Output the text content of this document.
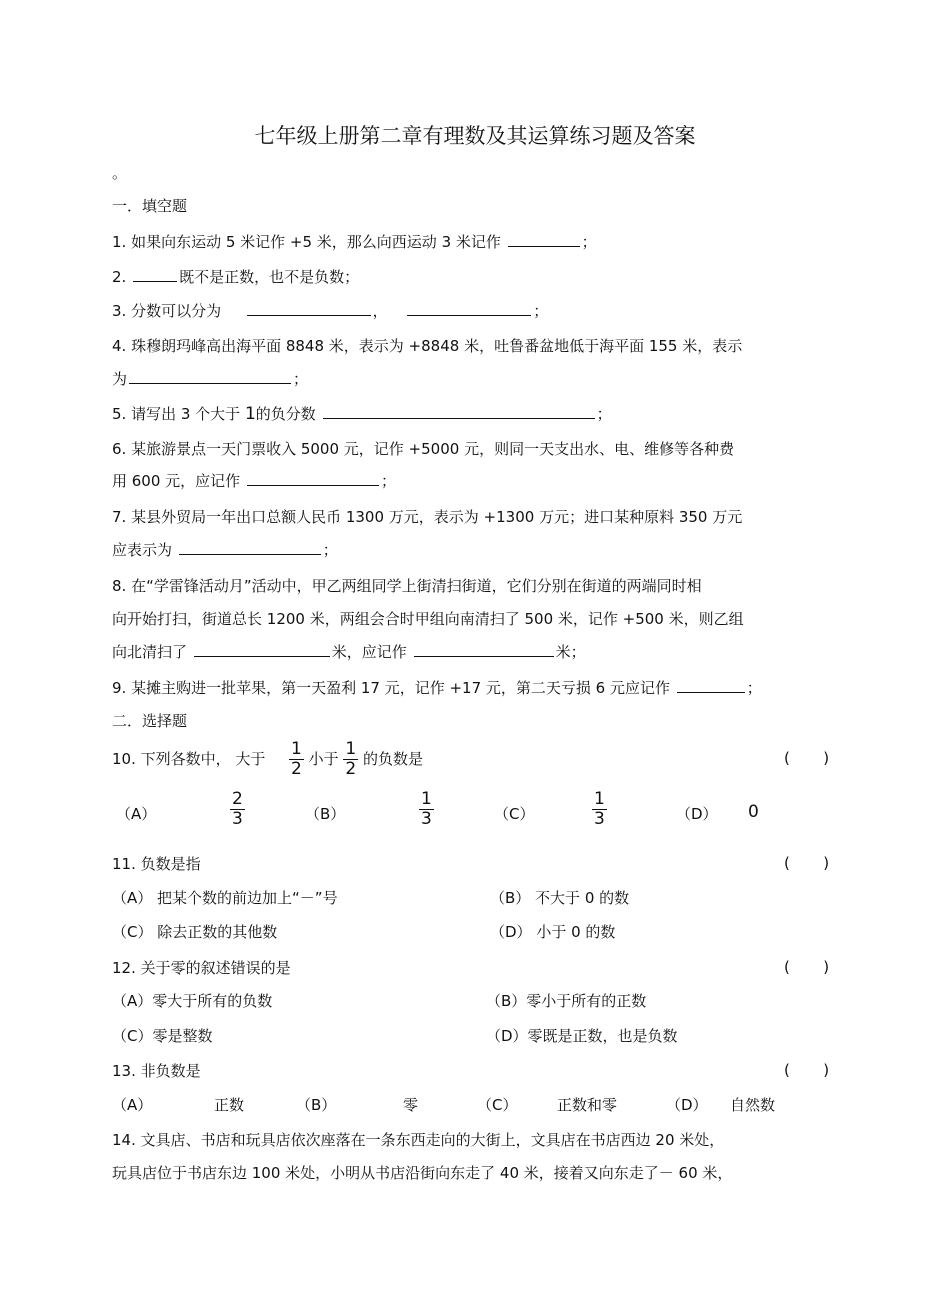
七年级上册第二章有理数及其运算练习题及答案
。
一．填空题
1. 如果向东运动 5 米记作 +5 米，那么向西运动 3 米记作	；
2.	既不是正数，也不是负数；
3. 分数可以分为	，	；
4. 珠穆朗玛峰高出海平面 8848 米，表示为 +8848 米，吐鲁番盆地低于海平面 155 米，表示
为	；
5. 请写出 3 个大于 1的负分数	；
6. 某旅游景点一天门票收入 5000 元，记作 +5000 元，则同一天支出水、电、维修等各种费
用 600 元，应记作	；
7. 某县外贸局一年出口总额人民币 1300 万元，表示为 +1300 万元；进口某种原料 350 万元
应表示为	；
8. 在“学雷锋活动月”活动中，甲乙两组同学上街清扫街道，它们分别在街道的两端同时相
向开始打扫，街道总长 1200 米，两组会合时甲组向南清扫了 500 米，记作 +500 米，则乙组
向北清扫了	米，应记作	米；
9. 某摊主购进一批苹果，第一天盈利 17 元，记作 +17 元，第二天亏损 6 元应记作	；
二．选择题
10. 下列各数中， 大于 $\frac{1}{2}$ 小于 $\frac{1}{2}$ 的负数是	(       )
（A）	$\frac{2}{3}$	（B）	$\frac{1}{3}$	（C）	$\frac{1}{3}$	（D） 0
11. 负数是指	(       )
（A） 把某个数的前边加上“－”号	（B） 不大于 0 的数
（C） 除去正数的其他数	（D） 小于 0 的数
12. 关于零的叙述错误的是	(       )
（A）零大于所有的负数	（B）零小于所有的正数
（C）零是整数	（D）零既是正数，也是负数
13. 非负数是	(       )
（A）	正数	（B）	零	（C）	正数和零	（D） 自然数
14. 文具店、书店和玩具店依次座落在一条东西走向的大街上，文具店在书店西边 20 米处，
玩具店位于书店东边 100 米处，小明从书店沿街向东走了 40 米，接着又向东走了－ 60 米，
